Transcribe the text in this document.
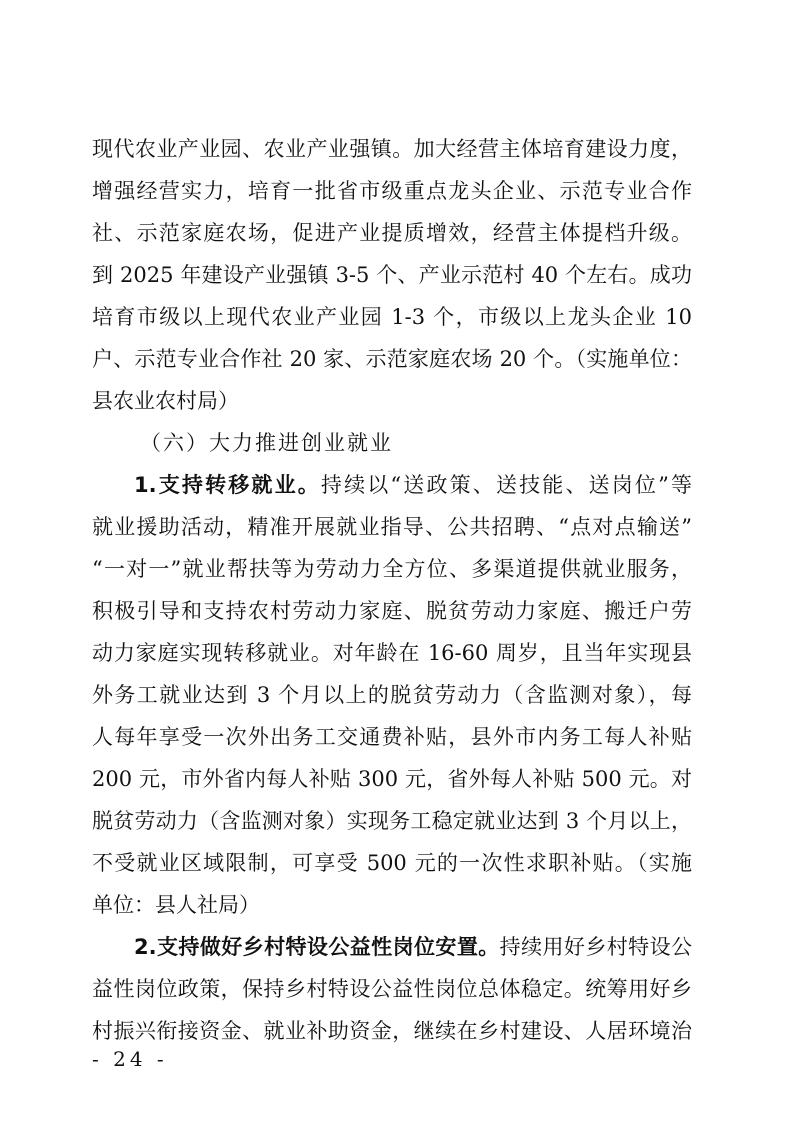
现代农业产业园、农业产业强镇。加大经营主体培育建设力度，
增强经营实力，培育一批省市级重点龙头企业、示范专业合作
社、示范家庭农场，促进产业提质增效，经营主体提档升级。
到 2025 年建设产业强镇 3-5 个、产业示范村 40 个左右。成功
培育市级以上现代农业产业园 1-3 个，市级以上龙头企业 10
户、示范专业合作社 20 家、示范家庭农场 20 个。（实施单位：
县农业农村局）
（六）大力推进创业就业
1.支持转移就业。持续以“送政策、送技能、送岗位”等
就业援助活动，精准开展就业指导、公共招聘、“点对点输送”
“一对一”就业帮扶等为劳动力全方位、多渠道提供就业服务，
积极引导和支持农村劳动力家庭、脱贫劳动力家庭、搬迁户劳
动力家庭实现转移就业。对年龄在 16-60 周岁，且当年实现县
外务工就业达到 3 个月以上的脱贫劳动力（含监测对象），每
人每年享受一次外出务工交通费补贴，县外市内务工每人补贴
200 元，市外省内每人补贴 300 元，省外每人补贴 500 元。对
脱贫劳动力（含监测对象）实现务工稳定就业达到 3 个月以上，
不受就业区域限制，可享受 500 元的一次性求职补贴。（实施
单位：县人社局）
2.支持做好乡村特设公益性岗位安置。持续用好乡村特设公
益性岗位政策，保持乡村特设公益性岗位总体稳定。统筹用好乡
村振兴衔接资金、就业补助资金，继续在乡村建设、人居环境治
- 24 -
